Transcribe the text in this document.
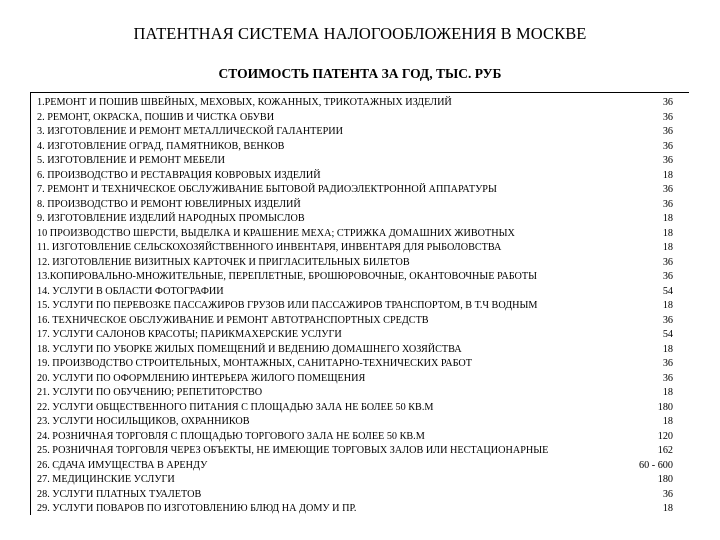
ПАТЕНТНАЯ СИСТЕМА НАЛОГООБЛОЖЕНИЯ В МОСКВЕ
СТОИМОСТЬ ПАТЕНТА ЗА ГОД, ТЫС. РУБ
1.РЕМОНТ И ПОШИВ ШВЕЙНЫХ, МЕХОВЫХ, КОЖАННЫХ, ТРИКОТАЖНЫХ ИЗДЕЛИЙ	36
2. РЕМОНТ, ОКРАСКА, ПОШИВ И ЧИСТКА ОБУВИ	36
3. ИЗГОТОВЛЕНИЕ И РЕМОНТ МЕТАЛЛИЧЕСКОЙ ГАЛАНТЕРИИ	36
4. ИЗГОТОВЛЕНИЕ ОГРАД, ПАМЯТНИКОВ, ВЕНКОВ	36
5. ИЗГОТОВЛЕНИЕ И РЕМОНТ МЕБЕЛИ	36
6. ПРОИЗВОДСТВО И РЕСТАВРАЦИЯ КОВРОВЫХ ИЗДЕЛИЙ	18
7. РЕМОНТ И ТЕХНИЧЕСКОЕ ОБСЛУЖИВАНИЕ БЫТОВОЙ РАДИОЭЛЕКТРОННОЙ АППАРАТУРЫ	36
8. ПРОИЗВОДСТВО И РЕМОНТ ЮВЕЛИРНЫХ ИЗДЕЛИЙ	36
9. ИЗГОТОВЛЕНИЕ ИЗДЕЛИЙ НАРОДНЫХ ПРОМЫСЛОВ	18
10 ПРОИЗВОДСТВО ШЕРСТИ, ВЫДЕЛКА И КРАШЕНИЕ МЕХА; СТРИЖКА ДОМАШНИХ ЖИВОТНЫХ	18
11. ИЗГОТОВЛЕНИЕ СЕЛЬСКОХОЗЯЙСТВЕННОГО ИНВЕНТАРЯ, ИНВЕНТАРЯ ДЛЯ РЫБОЛОВСТВА	18
12. ИЗГОТОВЛЕНИЕ ВИЗИТНЫХ КАРТОЧЕК И ПРИГЛАСИТЕЛЬНЫХ БИЛЕТОВ	36
13.КОПИРОВАЛЬНО-МНОЖИТЕЛЬНЫЕ, ПЕРЕПЛЕТНЫЕ, БРОШЮРОВОЧНЫЕ, ОКАНТОВОЧНЫЕ РАБОТЫ	36
14. УСЛУГИ В ОБЛАСТИ ФОТОГРАФИИ	54
15. УСЛУГИ ПО ПЕРЕВОЗКЕ ПАССАЖИРОВ ГРУЗОВ ИЛИ ПАССАЖИРОВ ТРАНСПОРТОМ, В Т.Ч ВОДНЫМ	18
16. ТЕХНИЧЕСКОЕ ОБСЛУЖИВАНИЕ И РЕМОНТ АВТОТРАНСПОРТНЫХ СРЕДСТВ	36
17. УСЛУГИ САЛОНОВ КРАСОТЫ; ПАРИКМАХЕРСКИЕ УСЛУГИ	54
18. УСЛУГИ ПО УБОРКЕ ЖИЛЫХ ПОМЕЩЕНИЙ И ВЕДЕНИЮ ДОМАШНЕГО ХОЗЯЙСТВА	18
19. ПРОИЗВОДСТВО СТРОИТЕЛЬНЫХ, МОНТАЖНЫХ, САНИТАРНО-ТЕХНИЧЕСКИХ РАБОТ	36
20. УСЛУГИ ПО ОФОРМЛЕНИЮ ИНТЕРЬЕРА ЖИЛОГО ПОМЕЩЕНИЯ	36
21. УСЛУГИ ПО ОБУЧЕНИЮ; РЕПЕТИТОРСТВО	18
22. УСЛУГИ ОБЩЕСТВЕННОГО ПИТАНИЯ С ПЛОЩАДЬЮ ЗАЛА НЕ БОЛЕЕ 50 КВ.М	180
23. УСЛУГИ НОСИЛЬЩИКОВ, ОХРАННИКОВ	18
24. РОЗНИЧНАЯ ТОРГОВЛЯ С ПЛОЩАДЬЮ ТОРГОВОГО ЗАЛА НЕ БОЛЕЕ 50 КВ.М	120
25. РОЗНИЧНАЯ ТОРГОВЛЯ ЧЕРЕЗ ОБЪЕКТЫ, НЕ ИМЕЮЩИЕ ТОРГОВЫХ ЗАЛОВ ИЛИ НЕСТАЦИОНАРНЫЕ	162
26. СДАЧА ИМУЩЕСТВА В АРЕНДУ	60 - 600
27. МЕДИЦИНСКИЕ УСЛУГИ	180
28. УСЛУГИ ПЛАТНЫХ ТУАЛЕТОВ	36
29. УСЛУГИ ПОВАРОВ ПО ИЗГОТОВЛЕНИЮ БЛЮД НА ДОМУ И ПР.	18
